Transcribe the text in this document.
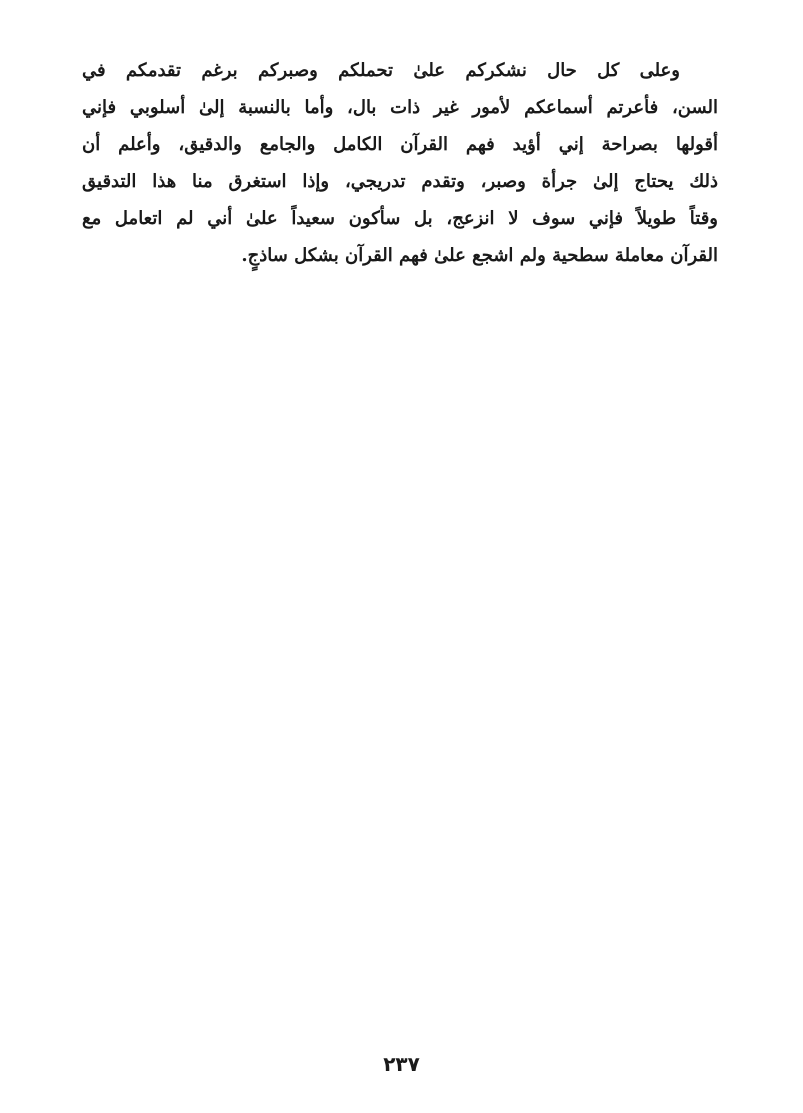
وعلى كل حال نشكركم علىٰ تحملكم وصبركم برغم تقدمكم في
السن، فأعرتم أسماعكم لأمور غير ذات بال، وأما بالنسبة إلىٰ أسلوبي فإني
أقولها بصراحة إني أؤيد فهم القرآن الكامل والجامع والدقيق، وأعلم أن
ذلك يحتاج إلىٰ جرأة وصبر، وتقدم تدريجي، وإذا استغرق منا هذا التدقيق
وقتاً طويلاً فإني سوف لا انزعج، بل سأكون سعيداً علىٰ أني لم اتعامل مع
القرآن معاملة سطحية ولم اشجع علىٰ فهم القرآن بشكل ساذجٍ.
٢٣٧
